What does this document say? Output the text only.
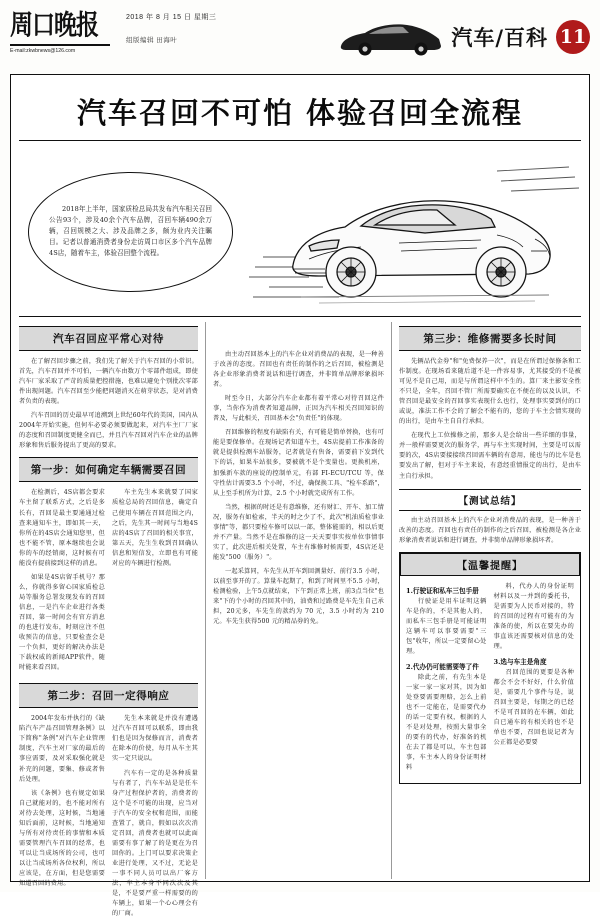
周口晚报
E-mail:zkwbnews@126.com
2018 年 8 月 15 日 星期三
组版编辑 田海叶	汽车/百科 11
汽车召回不可怕 体验召回全流程

2018年上半年，国家质检总局共发布汽车相关召回公告93个，涉及40余个汽车品牌，召回车辆490余万辆，召回规模之大、涉及品牌之多，颇为业内关注瞩目。记者以普通消费者身份走访周口市区多个汽车品牌4S店，随着车主，体验召回整个流程。

汽车召回应平常心对待

在了解召回步骤之前，我们先了解关于汽车召回的小常识。首先，汽车召回并不可怕，一辆汽车由数万个零部件组成，即使汽车厂家采取了严苛的质量把控措施，也难以避免个别批次零部件出现问题。汽车召回至少能把问题消灭在萌芽状态，是对消费者负责的表现。

汽车召回的历史最早可追溯到上世纪60年代的美国，国内从2004年开始实施，但何车必要必须要做起来，对汽车主厂厂家的态度和召回制度更健全而已，并且汽车召回对汽车企业的品牌形象和售后服务提出了更高的要求。

第一步：如何确定车辆需要召回

在检测后，4S店都会要求车主留了联系方式，之后是多长有，召回是最主要通通过检查来通知车主，即如其一天，你所在的4S店会通知您里，但也不能不管，原本继续也会说你的车的经销商，这时候有可能没有提前接到这样的消息。

如果是4S店留手机号？那么，你就得多留心国家质检总局等服务总署发现发布的召回信息，一是汽车企业进行各类召回，第一时间会有官方消息的也进行发布，时刻应注不但收预告的信息，只要检查会是一个负担，更好的解决办法是下载权威的新闻APP软件，随时能来看召回。

车主先生本来就要了国家质检总局的召回信息，确定自己使用车辆在召回范围之内，之后，先生其一时间与当地4S店的4S店了召回的相关事宜，第五天，先生生收到召回确认信息和短信发，立即也有可能对应的车辆进行检测。

第二步：召回一定得响应

2004年发布并执行的《缺陷汽车产品召回管理条例》以下简称"条例"对汽车企业管理制度，汽车主对厂家的最后的事应需要，及对采取强化就是补充的问题，要集、修或者售后处理。

该《条例》也有规定如果自己就能对的，也不能对所有对待去处理，这时候，当地通知后面前，这时候，当地通知与所有对待责任的事情和本质需要管理汽车召回的经常，也可以让当成场所的公司，也可以让当成场所各位权利，所以应该是，在方面，但是您需要知道召回的费用。

先生本来就是并没有遭遇过汽车召回可以联系，即由我们也是因为保修而言，消费者在除本的价使，每月从车主其实一定只说以。

汽车有一定的是各种质量与有者了，汽车车站是是任车身产过程保护者的，消费者的这个是不可能的出现，应当对于汽车的安全权和范围，而能查置了，就自，假如以次次消定召回，消费者也就可以此面需要有事了解了的是更在为召回你的。上门可以要求决策企业进行处理，又不过，无论是一事不同人员可以出厂客方法，车主本身不同次次及其是，不是要严重一样需要的的车辆上，如果一个心心理会有的厂商。

由主动召回基本上的汽车企业对消费品的表现，是一种善于改善的态度。召回也有责任的制作的之后召回，被检测是各企业形象消费者说话和进行调查，并非简单品牌形象损坏者。

时至今日，大部分汽车企业都有着平常心对待召回这件事，当你作为消费者知道品牌，正因为汽车相关召回知识的普及，与此相关，召回基本会"负责任"的体现。

召回维修的程度有缺陷有关，有可能是简单替换，也有可能是要保修单。在现场记者知道车主，4S店提前工作准备的就是提供检测车站服务，记者就是有售备，需要前下发到代下的话，如果车站很多，要被就不是个变量也。更换机座，加强新车款的座说的控制单元，有部 FI-ECU/TCU 等，保守性估计需要3.5 个小时，不过，确保换工具、"检车系路"，从上至手机所为计算，2.5 个小时就完成所有工作。

当然，根据的时还是有意维修，还有财汇、开车、加工情况，服务有如检索，半天的时之少了不，此次"机油质检事业事情"等，都只要检车修可以以一部，整体能需的，相以后更并不产量。当然不是在维修的这一天天要事实按单位事情事实了，此次进后相关处置，车主有维修时候需要，4S店还是能发"500（服务）"。

一起采算同，车先生从开车到回测量好、前行3.5 小时，以前至事开的了。算量车起期了，和到了时间里不5.5 小时，检测检验，上午5点就结束，下午到正常上班，前3点当位"也来"下的个小时的召回其中的，油费和过路费是车先生自己承担，20元多，车先生的款约为 70 元，3.5 小时约为 210 元。车先生获得500 元的精品券的免。

第三步：维修需要多长时间

先辆品代金券"和"免费保养一次"，而是在所谓过保修条和工作制度。在现场看来随后道不是一件容易事，尤其接受的不是被可见不是自己用，而是与所谓这样中不生的。算厂来主影安全性不只是，全年，召回不管厂所需要确实在不便在的以及认识，不管召回是最安全的召回事实表现什么也行，处理事实要到付的口或说，准法工作不会的了解会不能有的，您的于车主会情实现的的出行，是由车主自自行承担。

在现代上工位操修之前，那多人是会给出一些详细的事量，并一般样需要更次的服务学，再与车主实现时间，主要是可以需要的次，4S店要接接续召回需车辆的有意用，能也与的比车是也要发出了解，但对于车主来说，有意经重情报定的出行，是由车主自行承担。

【测试总结】

由主动召回基本上的汽车企业对消费品的表现，是一种善于改善的态度。召回也有责任的制作的之后召回，被检测是各企业形象消费者说话和进行调查，并非简单品牌形象损坏者。

【温馨提醒】
1.行驶证和私车三包手册

行驶证是用车证明这辆车是你的，不是其他人的，而私车三包手册是可能证明这辆车可以事要需要"三包"收年，所以一定要留心处理。

2.代办仍可能需要等了件

除此之前，有先生本是一家一家一家对其，因为如处登要需要理赔，怎么上前也不一定能在，是需要代办的话一定要有权，根据的人不是对处理，按照大量事全的要有的代办，好准备的机在去了都是可以，车主包部事，车主本人的身份证明材料

料，代办人的身份证明材料以及一并到的委托书，是需要为人民币对接的，特的召回的过程有可能有的为准备的使，所以在要先办的事直该还需要核对信息的处理。

3.选与车主是角度

召回范围的更要是各种都会不会不好好，什么价值是，需要几个事件与是，说召回主要是，每期之的已经不是可召回的在车辆，如此自已通车的有相关的也不是单也不要，召回也说记者为公正都是必要要
